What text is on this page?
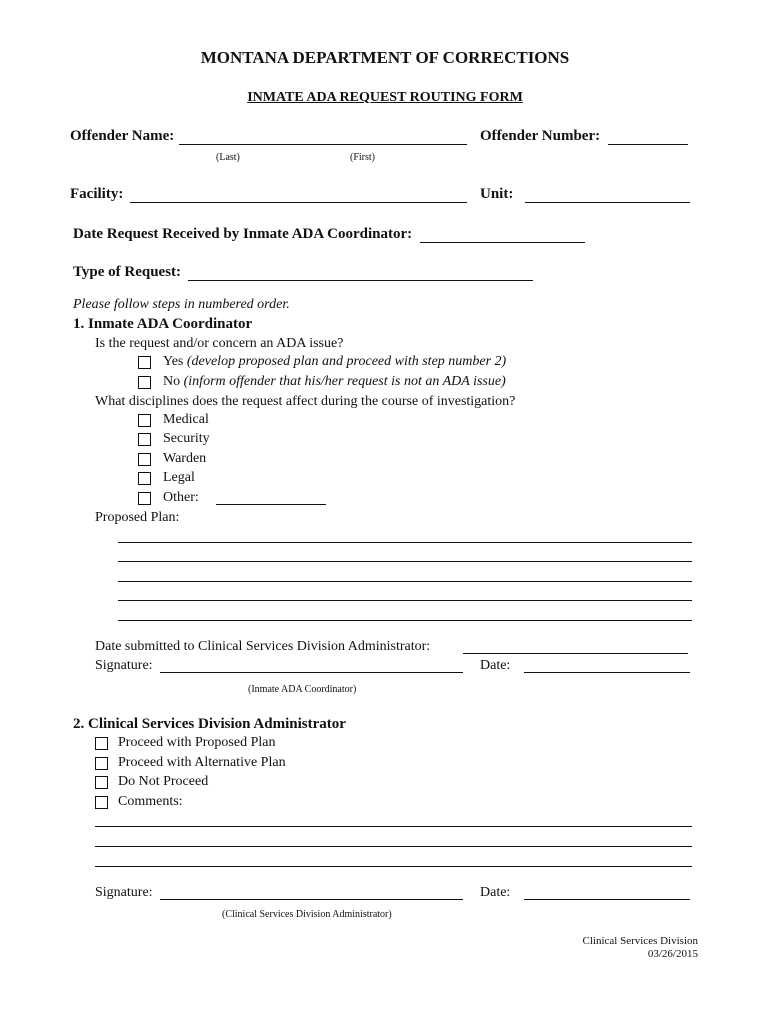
MONTANA DEPARTMENT OF CORRECTIONS
INMATE ADA REQUEST ROUTING FORM
Offender Name:
(Last)	(First)
Offender Number:
Facility:	Unit:
Date Request Received by Inmate ADA Coordinator:
Type of Request:
Please follow steps in numbered order.
1. Inmate ADA Coordinator
Is the request and/or concern an ADA issue?
Yes (develop proposed plan and proceed with step number 2)
No (inform offender that his/her request is not an ADA issue)
What disciplines does the request affect during the course of investigation?
Medical
Security
Warden
Legal
Other:
Proposed Plan:
Date submitted to Clinical Services Division Administrator:
Signature:	Date:
(Inmate ADA Coordinator)
2. Clinical Services Division Administrator
Proceed with Proposed Plan
Proceed with Alternative Plan
Do Not Proceed
Comments:
Signature:	Date:
(Clinical Services Division Administrator)
Clinical Services Division
03/26/2015
